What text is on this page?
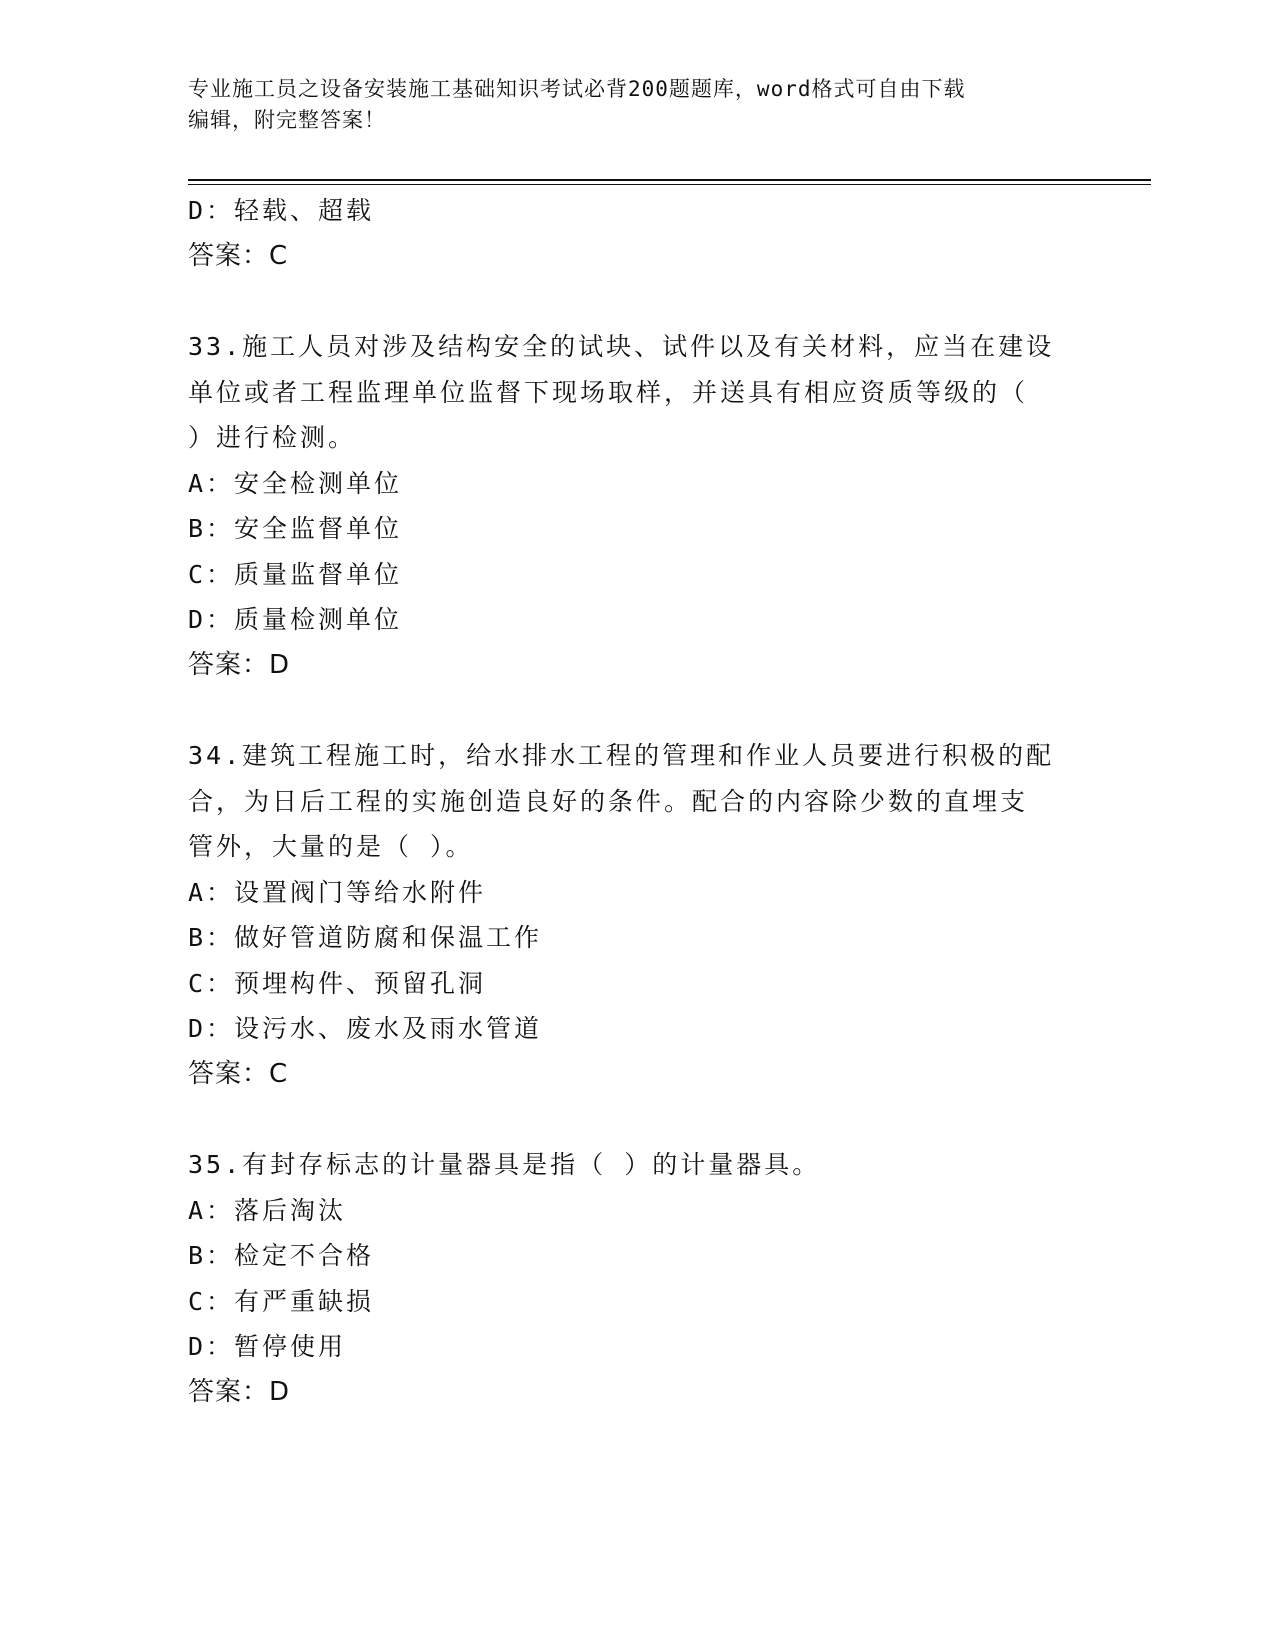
专业施工员之设备安装施工基础知识考试必背200题题库，word格式可自由下载
编辑，附完整答案！
D：轻载、超载
答案：C
33.施工人员对涉及结构安全的试块、试件以及有关材料，应当在建设
单位或者工程监理单位监督下现场取样，并送具有相应资质等级的（
）进行检测。
A：安全检测单位
B：安全监督单位
C：质量监督单位
D：质量检测单位
答案：D
34.建筑工程施工时，给水排水工程的管理和作业人员要进行积极的配
合，为日后工程的实施创造良好的条件。配合的内容除少数的直埋支
管外，大量的是（ ）。
A：设置阀门等给水附件
B：做好管道防腐和保温工作
C：预埋构件、预留孔洞
D：设污水、废水及雨水管道
答案：C
35.有封存标志的计量器具是指（ ）的计量器具。
A：落后淘汰
B：检定不合格
C：有严重缺损
D：暂停使用
答案：D
